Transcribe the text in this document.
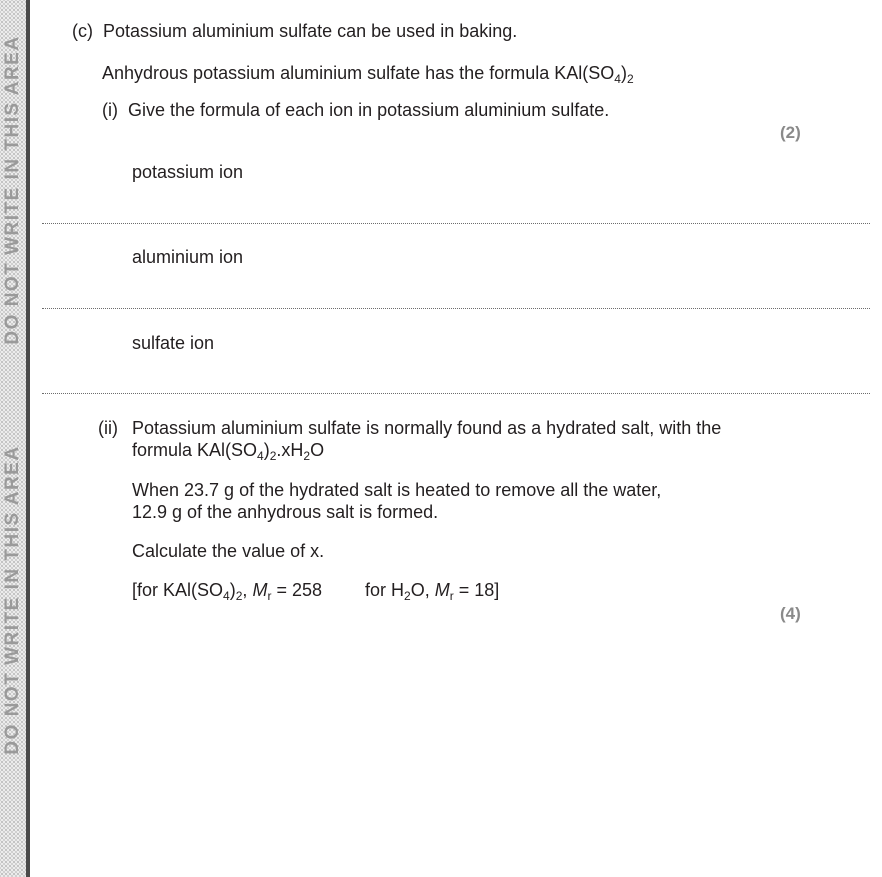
DO NOT WRITE IN THIS AREA
DO NOT WRITE IN THIS AREA
(c) Potassium aluminium sulfate can be used in baking.
Anhydrous potassium aluminium sulfate has the formula $KAl(SO_4)_2$
(i) Give the formula of each ion in potassium aluminium sulfate.
(2)
potassium ion
aluminium ion
sulfate ion
(ii) Potassium aluminium sulfate is normally found as a hydrated salt, with the
formula $KAl(SO_4)_2.xH_2O$
When 23.7 g of the hydrated salt is heated to remove all the water,
12.9 g of the anhydrous salt is formed.
Calculate the value of x.
[for $KAl(SO_4)_2$, $M_r = 258$ for $H_2O$, $M_r = 18$]
(4)
